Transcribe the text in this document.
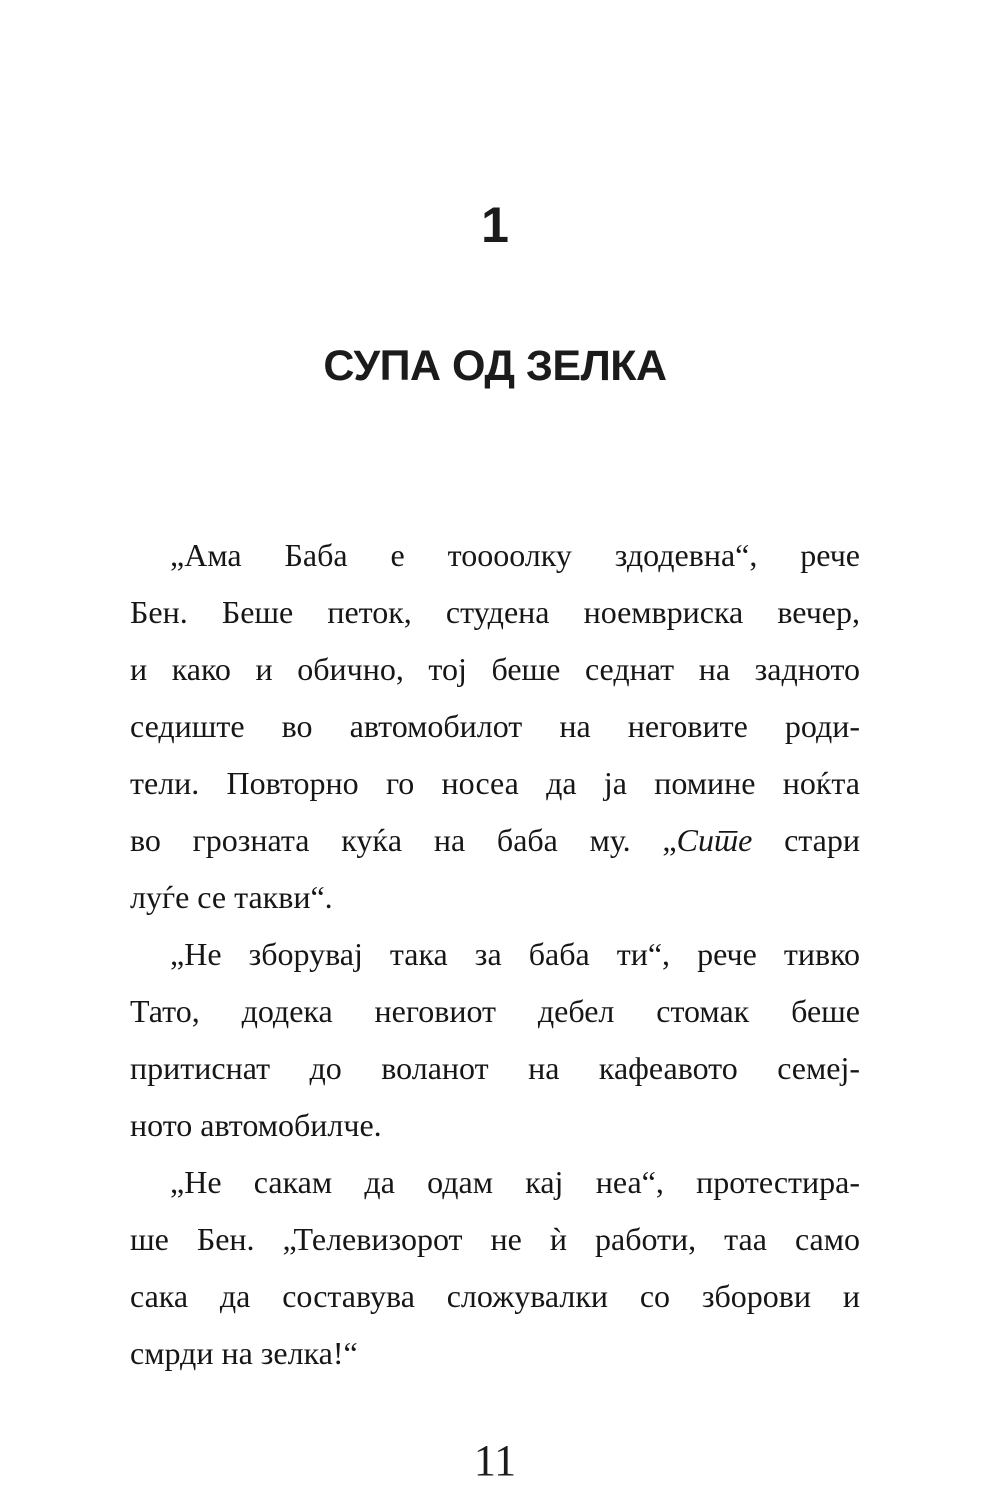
1
СУПА ОД ЗЕЛКА
„Ама Баба е тоооолку здодевна“, рече
Бен. Беше петок, студена ноемвриска вечер,
и како и обично, тој беше седнат на задното
седиште во автомобилот на неговите роди-
тели. Повторно го носеа да ја помине ноќта
во грозната куќа на баба му. „Сите стари
луѓе се такви“.
„Не зборувај така за баба ти“, рече тивко
Тато, додека неговиот дебел стомак беше
притиснат до воланот на кафеавото семеј-
ното автомобилче.
„Не сакам да одам кај неа“, протестира-
ше Бен. „Телевизорот не ѝ работи, таа само
сака да составува сложувалки со зборови и
смрди на зелка!“
11
